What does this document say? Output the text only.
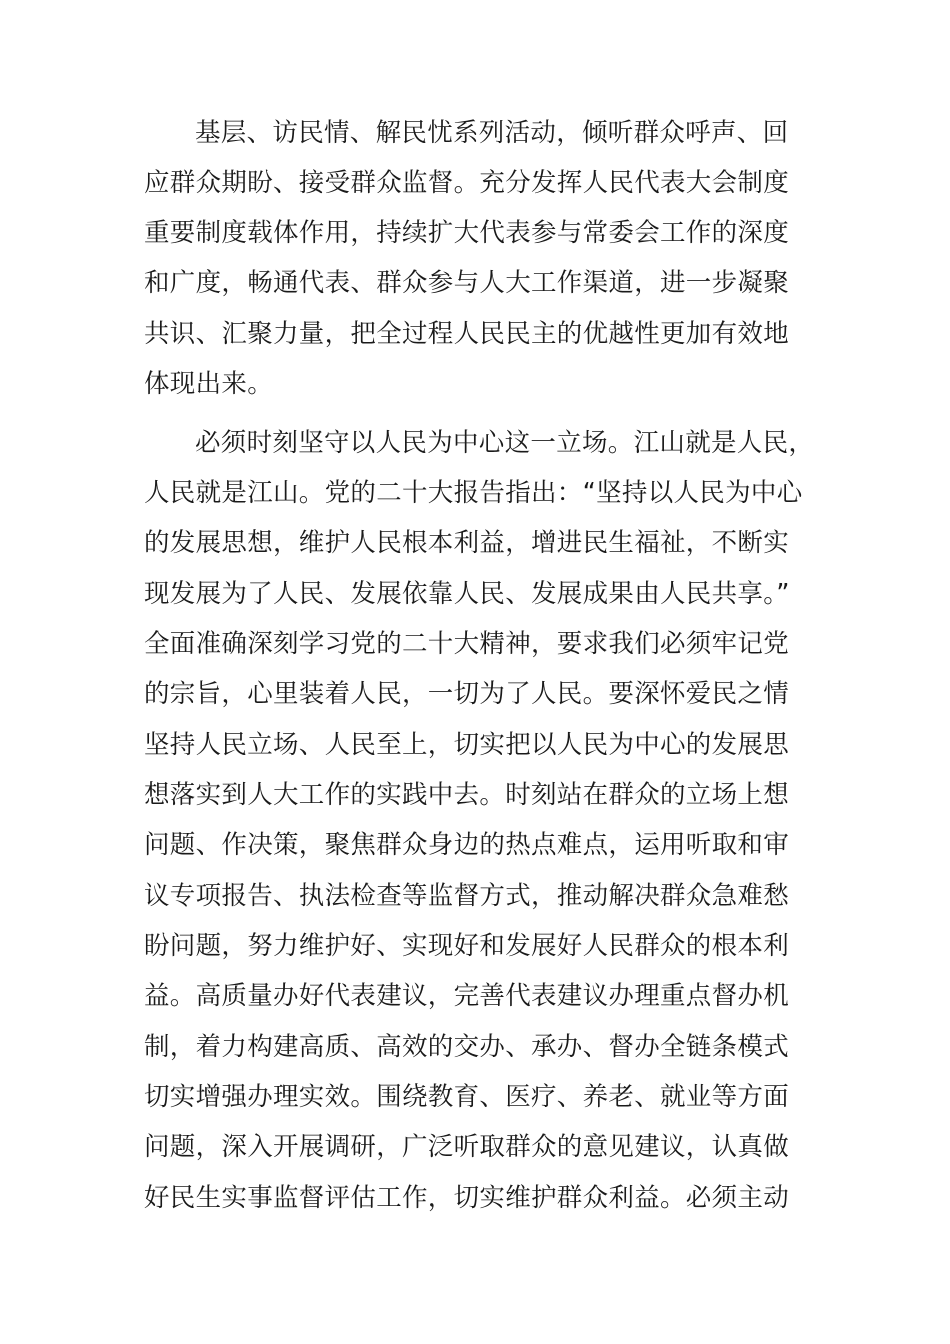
基层、访民情、解民忧系列活动，倾听群众呼声、回
应群众期盼、接受群众监督。充分发挥人民代表大会制度
重要制度载体作用，持续扩大代表参与常委会工作的深度
和广度，畅通代表、群众参与人大工作渠道，进一步凝聚
共识、汇聚力量，把全过程人民民主的优越性更加有效地
体现出来。
必须时刻坚守以人民为中心这一立场。江山就是人民，
人民就是江山。党的二十大报告指出：“坚持以人民为中心
的发展思想，维护人民根本利益，增进民生福祉，不断实
现发展为了人民、发展依靠人民、发展成果由人民共享。”
全面准确深刻学习党的二十大精神，要求我们必须牢记党
的宗旨，心里装着人民，一切为了人民。要深怀爱民之情
坚持人民立场、人民至上，切实把以人民为中心的发展思
想落实到人大工作的实践中去。时刻站在群众的立场上想
问题、作决策，聚焦群众身边的热点难点，运用听取和审
议专项报告、执法检查等监督方式，推动解决群众急难愁
盼问题，努力维护好、实现好和发展好人民群众的根本利
益。高质量办好代表建议，完善代表建议办理重点督办机
制，着力构建高质、高效的交办、承办、督办全链条模式
切实增强办理实效。围绕教育、医疗、养老、就业等方面
问题，深入开展调研，广泛听取群众的意见建议，认真做
好民生实事监督评估工作，切实维护群众利益。必须主动
